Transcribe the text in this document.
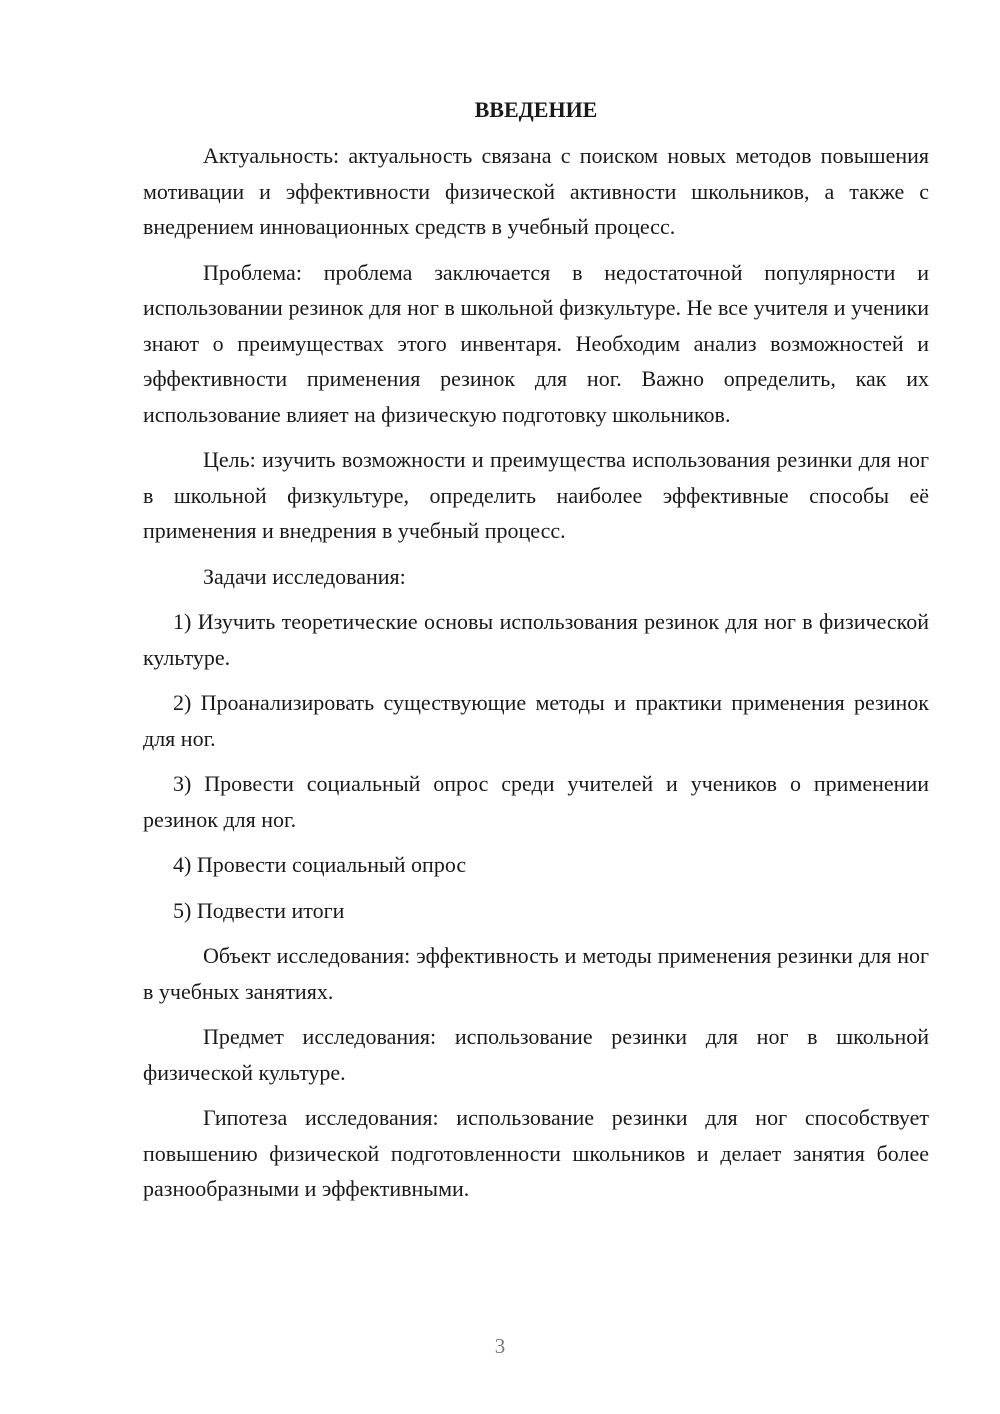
ВВЕДЕНИЕ

Актуальность: актуальность связана с поиском новых методов повышения мотивации и эффективности физической активности школьников, а также с внедрением инновационных средств в учебный процесс.

Проблема: проблема заключается в недостаточной популярности и использовании резинок для ног в школьной физкультуре. Не все учителя и ученики знают о преимуществах этого инвентаря. Необходим анализ возможностей и эффективности применения резинок для ног. Важно определить, как их использование влияет на физическую подготовку школьников.

Цель: изучить возможности и преимущества использования резинки для ног в школьной физкультуре, определить наиболее эффективные способы её применения и внедрения в учебный процесс.

Задачи исследования:

1) Изучить теоретические основы использования резинок для ног в физической культуре.

2) Проанализировать существующие методы и практики применения резинок для ног.

3) Провести социальный опрос среди учителей и учеников о применении резинок для ног.

4) Провести социальный опрос

5) Подвести итоги

Объект исследования: эффективность и методы применения резинки для ног в учебных занятиях.

Предмет исследования: использование резинки для ног в школьной физической культуре.

Гипотеза исследования: использование резинки для ног способствует повышению физической подготовленности школьников и делает занятия более разнообразными и эффективными.

3
